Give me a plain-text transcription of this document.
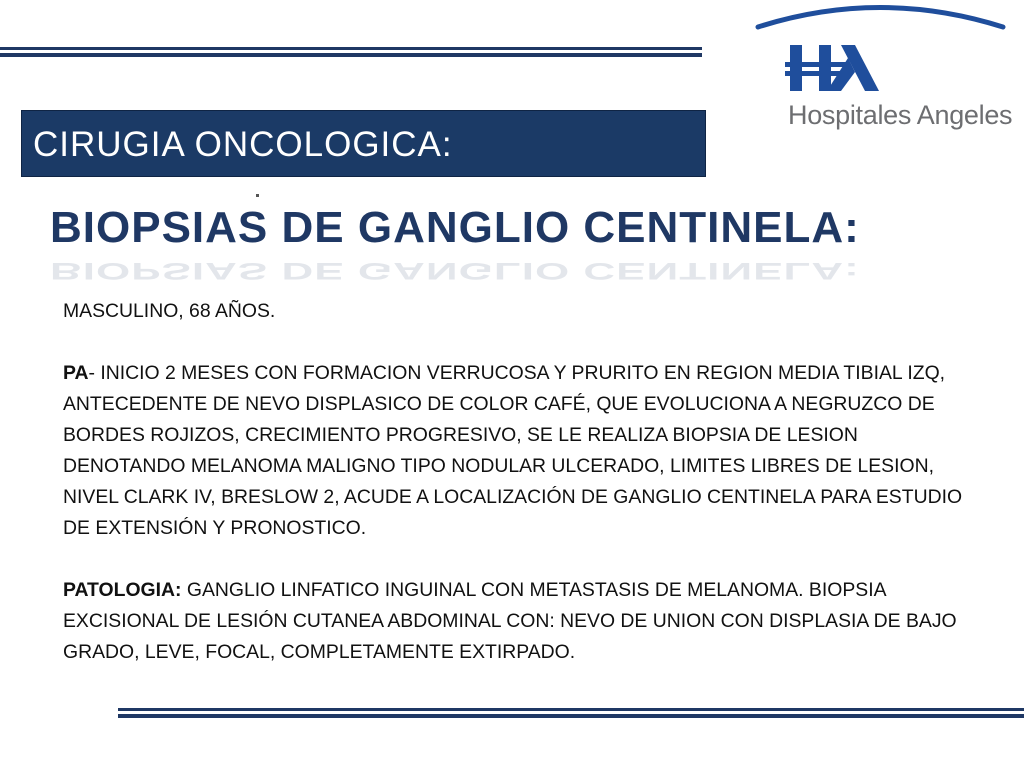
Hospitales Angeles
CIRUGIA ONCOLOGICA:
BIOPSIAS DE GANGLIO CENTINELA:
BIOPSIAS DE GANGLIO CENTINELA:

MASCULINO, 68 AÑOS.

PA- INICIO 2 MESES CON FORMACION VERRUCOSA Y PRURITO EN REGION MEDIA TIBIAL IZQ, ANTECEDENTE DE NEVO DISPLASICO DE COLOR CAFÉ, QUE EVOLUCIONA A NEGRUZCO DE BORDES ROJIZOS, CRECIMIENTO PROGRESIVO, SE LE REALIZA BIOPSIA DE LESION DENOTANDO MELANOMA MALIGNO TIPO NODULAR ULCERADO, LIMITES LIBRES DE LESION, NIVEL CLARK IV, BRESLOW 2, ACUDE A LOCALIZACIÓN DE GANGLIO CENTINELA PARA ESTUDIO DE EXTENSIÓN Y PRONOSTICO.

PATOLOGIA: GANGLIO LINFATICO INGUINAL CON METASTASIS DE MELANOMA. BIOPSIA EXCISIONAL DE LESIÓN CUTANEA ABDOMINAL CON: NEVO DE UNION CON DISPLASIA DE BAJO GRADO, LEVE, FOCAL, COMPLETAMENTE EXTIRPADO.
